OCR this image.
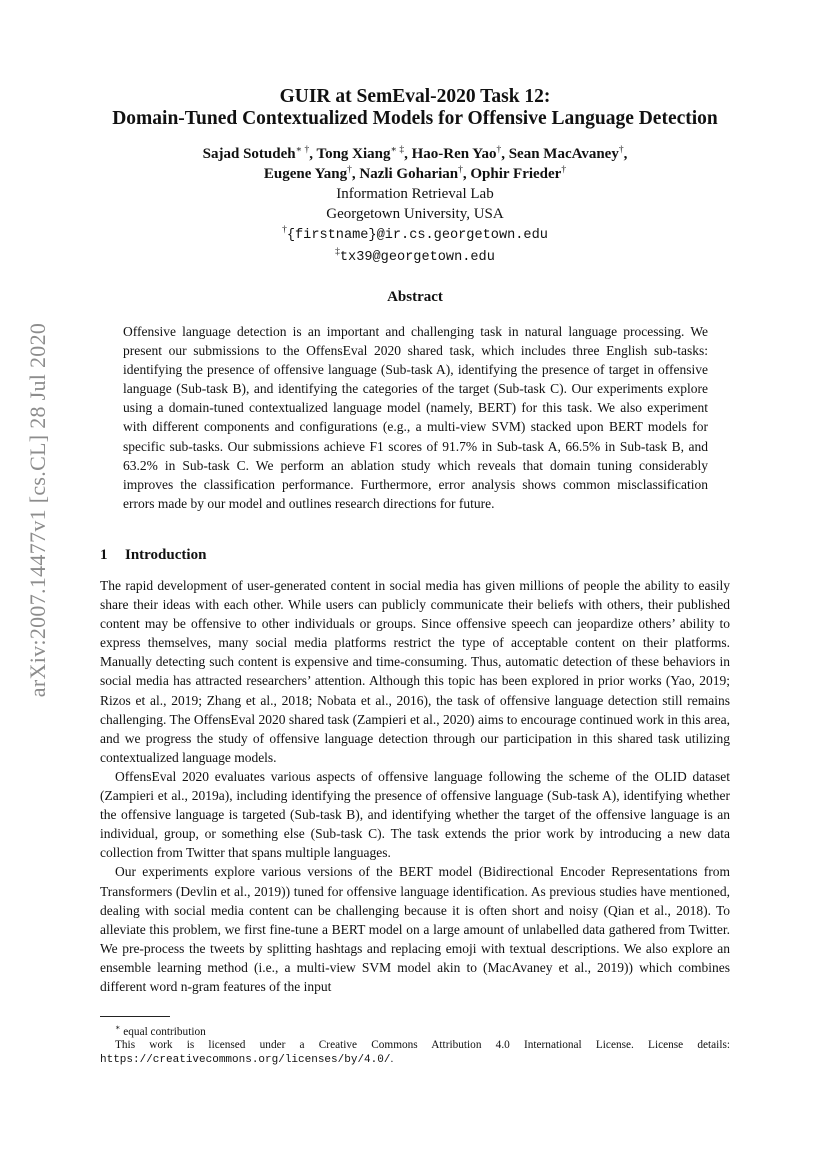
arXiv:2007.14477v1 [cs.CL] 28 Jul 2020
GUIR at SemEval-2020 Task 12:
Domain-Tuned Contextualized Models for Offensive Language Detection
Sajad Sotudeh∗ †, Tong Xiang∗ ‡, Hao-Ren Yao†, Sean MacAvaney†,
Eugene Yang†, Nazli Goharian†, Ophir Frieder†
Information Retrieval Lab
Georgetown University, USA
†{firstname}@ir.cs.georgetown.edu
‡tx39@georgetown.edu
Abstract
Offensive language detection is an important and challenging task in natural language processing. We present our submissions to the OffensEval 2020 shared task, which includes three English sub-tasks: identifying the presence of offensive language (Sub-task A), identifying the presence of target in offensive language (Sub-task B), and identifying the categories of the target (Sub-task C). Our experiments explore using a domain-tuned contextualized language model (namely, BERT) for this task. We also experiment with different components and configurations (e.g., a multi-view SVM) stacked upon BERT models for specific sub-tasks. Our submissions achieve F1 scores of 91.7% in Sub-task A, 66.5% in Sub-task B, and 63.2% in Sub-task C. We perform an ablation study which reveals that domain tuning considerably improves the classification performance. Furthermore, error analysis shows common misclassification errors made by our model and outlines research directions for future.
1 Introduction

The rapid development of user-generated content in social media has given millions of people the ability to easily share their ideas with each other. While users can publicly communicate their beliefs with others, their published content may be offensive to other individuals or groups. Since offensive speech can jeopardize others’ ability to express themselves, many social media platforms restrict the type of acceptable content on their platforms. Manually detecting such content is expensive and time-consuming. Thus, automatic detection of these behaviors in social media has attracted researchers’ attention. Although this topic has been explored in prior works (Yao, 2019; Rizos et al., 2019; Zhang et al., 2018; Nobata et al., 2016), the task of offensive language detection still remains challenging. The OffensEval 2020 shared task (Zampieri et al., 2020) aims to encourage continued work in this area, and we progress the study of offensive language detection through our participation in this shared task utilizing contextualized language models.

OffensEval 2020 evaluates various aspects of offensive language following the scheme of the OLID dataset (Zampieri et al., 2019a), including identifying the presence of offensive language (Sub-task A), identifying whether the offensive language is targeted (Sub-task B), and identifying whether the target of the offensive language is an individual, group, or something else (Sub-task C). The task extends the prior work by introducing a new data collection from Twitter that spans multiple languages.

Our experiments explore various versions of the BERT model (Bidirectional Encoder Representations from Transformers (Devlin et al., 2019)) tuned for offensive language identification. As previous studies have mentioned, dealing with social media content can be challenging because it is often short and noisy (Qian et al., 2018). To alleviate this problem, we first fine-tune a BERT model on a large amount of unlabelled data gathered from Twitter. We pre-process the tweets by splitting hashtags and replacing emoji with textual descriptions. We also explore an ensemble learning method (i.e., a multi-view SVM model akin to (MacAvaney et al., 2019)) which combines different word n-gram features of the input

∗ equal contribution

This work is licensed under a Creative Commons Attribution 4.0 International License. License details: https://creativecommons.org/licenses/by/4.0/.
